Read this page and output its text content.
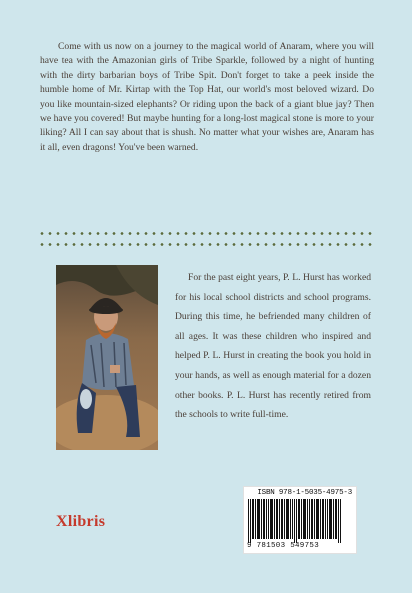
Come with us now on a journey to the magical world of Anaram, where you will have tea with the Amazonian girls of Tribe Sparkle, followed by a night of hunting with the dirty barbarian boys of Tribe Spit. Don't forget to take a peek inside the humble home of Mr. Kirtap with the Top Hat, our world's most beloved wizard. Do you like mountain-sized elephants? Or riding upon the back of a giant blue jay? Then we have you covered! But maybe hunting for a long-lost magical stone is more to your liking? All I can say about that is shush. No matter what your wishes are, Anaram has it all, even dragons! You've been warned.

For the past eight years, P. L. Hurst has worked for his local school districts and school programs. During this time, he befriended many children of all ages. It was these children who inspired and helped P. L. Hurst in creating the book you hold in your hands, as well as enough material for a dozen other books. P. L. Hurst has recently retired from the schools to write full-time.

Xlibris
ISBN 978-1-5035-4975-3
9 781503 549753
